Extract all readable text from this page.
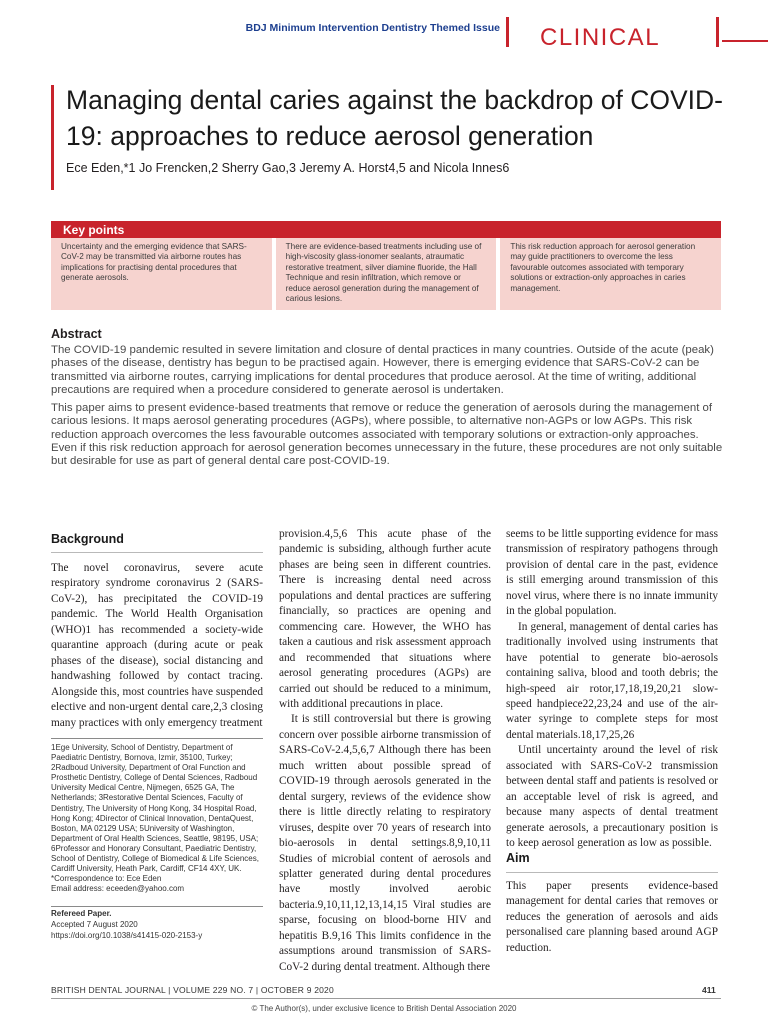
BDJ Minimum Intervention Dentistry Themed Issue CLINICAL
Managing dental caries against the backdrop of COVID-19: approaches to reduce aerosol generation
Ece Eden,*1 Jo Frencken,2 Sherry Gao,3 Jeremy A. Horst4,5 and Nicola Innes6
Key points
Uncertainty and the emerging evidence that SARS-CoV-2 may be transmitted via airborne routes has implications for practising dental procedures that generate aerosols.
There are evidence-based treatments including use of high-viscosity glass-ionomer sealants, atraumatic restorative treatment, silver diamine fluoride, the Hall Technique and resin infiltration, which remove or reduce aerosol generation during the management of carious lesions.
This risk reduction approach for aerosol generation may guide practitioners to overcome the less favourable outcomes associated with temporary solutions or extraction-only approaches in caries management.
Abstract

The COVID-19 pandemic resulted in severe limitation and closure of dental practices in many countries. Outside of the acute (peak) phases of the disease, dentistry has begun to be practised again. However, there is emerging evidence that SARS-CoV-2 can be transmitted via airborne routes, carrying implications for dental procedures that produce aerosol. At the time of writing, additional precautions are required when a procedure considered to generate aerosol is undertaken.

This paper aims to present evidence-based treatments that remove or reduce the generation of aerosols during the management of carious lesions. It maps aerosol generating procedures (AGPs), where possible, to alternative non-AGPs or low AGPs. This risk reduction approach overcomes the less favourable outcomes associated with temporary solutions or extraction-only approaches. Even if this risk reduction approach for aerosol generation becomes unnecessary in the future, these procedures are not only suitable but desirable for use as part of general dental care post-COVID-19.

Background

The novel coronavirus, severe acute respiratory syndrome coronavirus 2 (SARS-CoV-2), has precipitated the COVID-19 pandemic. The World Health Organisation (WHO)1 has recommended a society-wide quarantine approach (during acute or peak phases of the disease), social distancing and handwashing followed by contact tracing. Alongside this, most countries have suspended elective and non-urgent dental care,2,3 closing many practices with only emergency treatment

1Ege University, School of Dentistry, Department of Paediatric Dentistry, Bornova, Izmir, 35100, Turkey; 2Radboud University, Department of Oral Function and Prosthetic Dentistry, College of Dental Sciences, Radboud University Medical Centre, Nijmegen, 6525 GA, The Netherlands; 3Restorative Dental Sciences, Faculty of Dentistry, The University of Hong Kong, 34 Hospital Road, Hong Kong; 4Director of Clinical Innovation, DentaQuest, Boston, MA 02129 USA; 5University of Washington, Department of Oral Health Sciences, Seattle, 98195, USA; 6Professor and Honorary Consultant, Paediatric Dentistry, School of Dentistry, College of Biomedical & Life Sciences, Cardiff University, Heath Park, Cardiff, CF14 4XY, UK.

*Correspondence to: Ece Eden

Email address: eceeden@yahoo.com

Refereed Paper.
Accepted 7 August 2020
https://doi.org/10.1038/s41415-020-2153-y

provision.4,5,6 This acute phase of the pandemic is subsiding, although further acute phases are being seen in different countries. There is increasing dental need across populations and dental practices are suffering financially, so practices are opening and commencing care. However, the WHO has taken a cautious and risk assessment approach and recommended that situations where aerosol generating procedures (AGPs) are carried out should be reduced to a minimum, with additional precautions in place.

It is still controversial but there is growing concern over possible airborne transmission of SARS-CoV-2.4,5,6,7 Although there has been much written about possible spread of COVID-19 through aerosols generated in the dental surgery, reviews of the evidence show there is little directly relating to respiratory viruses, despite over 70 years of research into bio-aerosols in dental settings.8,9,10,11 Studies of microbial content of aerosols and splatter generated during dental procedures have mostly involved aerobic bacteria.9,10,11,12,13,14,15 Viral studies are sparse, focusing on blood-borne HIV and hepatitis B.9,16 This limits confidence in the assumptions around transmission of SARS-CoV-2 during dental treatment. Although there

seems to be little supporting evidence for mass transmission of respiratory pathogens through provision of dental care in the past, evidence is still emerging around transmission of this novel virus, where there is no innate immunity in the global population.

In general, management of dental caries has traditionally involved using instruments that have potential to generate bio-aerosols containing saliva, blood and tooth debris; the high-speed air rotor,17,18,19,20,21 slow-speed handpiece22,23,24 and use of the air-water syringe to complete steps for most dental materials.18,17,25,26

Until uncertainty around the level of risk associated with SARS-CoV-2 transmission between dental staff and patients is resolved or an acceptable level of risk is agreed, and because many aspects of dental treatment generate aerosols, a precautionary position is to keep aerosol generation as low as possible.

Aim

This paper presents evidence-based management for dental caries that removes or reduces the generation of aerosols and aids personalised care planning based around AGP reduction.

BRITISH DENTAL JOURNAL | VOLUME 229 NO. 7 | OCTOBER 9 2020	411
© The Author(s), under exclusive licence to British Dental Association 2020
